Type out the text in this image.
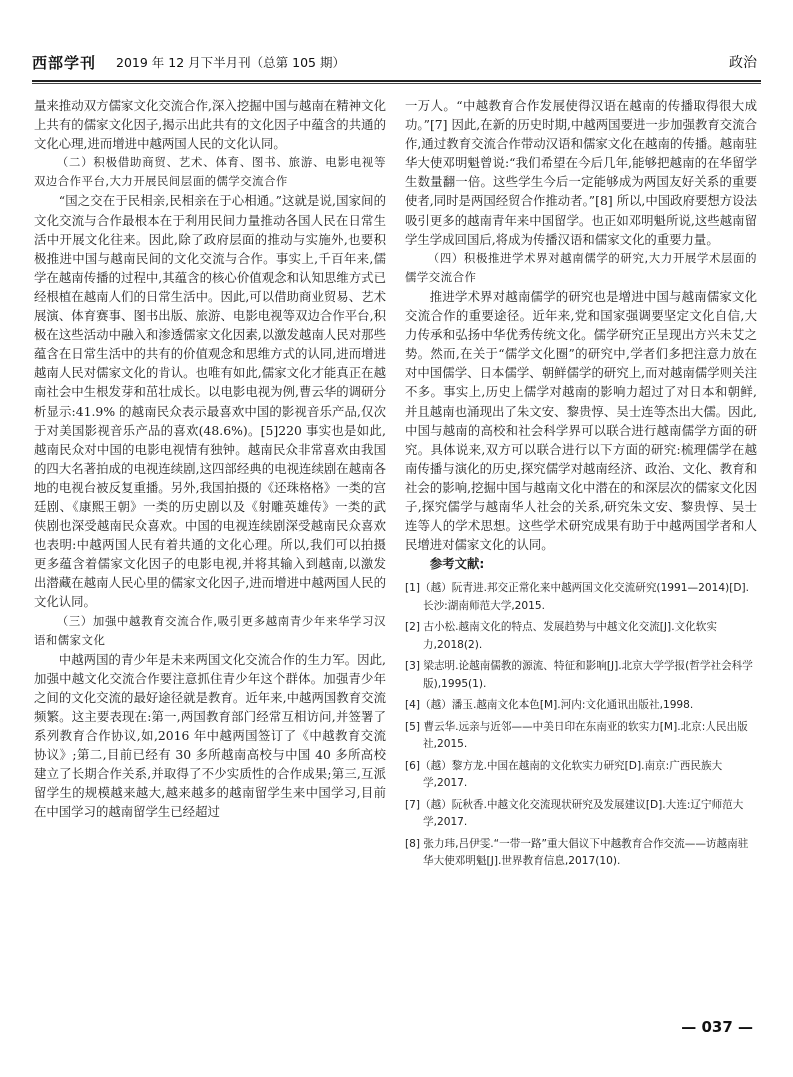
西部学刊 2019 年 12 月下半月刊（总第 105 期）	政治

量来推动双方儒家文化交流合作,深入挖掘中国与越南在精神文化上共有的儒家文化因子,揭示出此共有的文化因子中蕴含的共通的文化心理,进而增进中越两国人民的文化认同。

（二）积极借助商贸、艺术、体育、图书、旅游、电影电视等双边合作平台,大力开展民间层面的儒学交流合作

“国之交在于民相亲,民相亲在于心相通。”这就是说,国家间的文化交流与合作最根本在于利用民间力量推动各国人民在日常生活中开展文化往来。因此,除了政府层面的推动与实施外,也要积极推进中国与越南民间的文化交流与合作。事实上,千百年来,儒学在越南传播的过程中,其蕴含的核心价值观念和认知思维方式已经根植在越南人们的日常生活中。因此,可以借助商业贸易、艺术展演、体育赛事、图书出版、旅游、电影电视等双边合作平台,积极在这些活动中融入和渗透儒家文化因素,以激发越南人民对那些蕴含在日常生活中的共有的价值观念和思维方式的认同,进而增进越南人民对儒家文化的肯认。也唯有如此,儒家文化才能真正在越南社会中生根发芽和茁壮成长。以电影电视为例,曹云华的调研分析显示:41.9% 的越南民众表示最喜欢中国的影视音乐产品,仅次于对美国影视音乐产品的喜欢(48.6%)。[5]220 事实也是如此,越南民众对中国的电影电视情有独钟。越南民众非常喜欢由我国的四大名著拍成的电视连续剧,这四部经典的电视连续剧在越南各地的电视台被反复重播。另外,我国拍摄的《还珠格格》一类的宫廷剧、《康熙王朝》一类的历史剧以及《射雕英雄传》一类的武侠剧也深受越南民众喜欢。中国的电视连续剧深受越南民众喜欢也表明:中越两国人民有着共通的文化心理。所以,我们可以拍摄更多蕴含着儒家文化因子的电影电视,并将其输入到越南,以激发出潜藏在越南人民心里的儒家文化因子,进而增进中越两国人民的文化认同。

（三）加强中越教育交流合作,吸引更多越南青少年来华学习汉语和儒家文化

中越两国的青少年是未来两国文化交流合作的生力军。因此,加强中越文化交流合作要注意抓住青少年这个群体。加强青少年之间的文化交流的最好途径就是教育。近年来,中越两国教育交流频繁。这主要表现在:第一,两国教育部门经常互相访问,并签署了系列教育合作协议,如,2016 年中越两国签订了《中越教育交流协议》;第二,目前已经有 30 多所越南高校与中国 40 多所高校建立了长期合作关系,并取得了不少实质性的合作成果;第三,互派留学生的规模越来越大,越来越多的越南留学生来中国学习,目前在中国学习的越南留学生已经超过

一万人。“中越教育合作发展使得汉语在越南的传播取得很大成功。”[7] 因此,在新的历史时期,中越两国要进一步加强教育交流合作,通过教育交流合作带动汉语和儒家文化在越南的传播。越南驻华大使邓明魁曾说:“我们希望在今后几年,能够把越南的在华留学生数量翻一倍。这些学生今后一定能够成为两国友好关系的重要使者,同时是两国经贸合作推动者。”[8] 所以,中国政府要想方设法吸引更多的越南青年来中国留学。也正如邓明魁所说,这些越南留学生学成回国后,将成为传播汉语和儒家文化的重要力量。

（四）积极推进学术界对越南儒学的研究,大力开展学术层面的儒学交流合作

推进学术界对越南儒学的研究也是增进中国与越南儒家文化交流合作的重要途径。近年来,党和国家强调要坚定文化自信,大力传承和弘扬中华优秀传统文化。儒学研究正呈现出方兴未艾之势。然而,在关于“儒学文化圈”的研究中,学者们多把注意力放在对中国儒学、日本儒学、朝鲜儒学的研究上,而对越南儒学则关注不多。事实上,历史上儒学对越南的影响力超过了对日本和朝鲜,并且越南也涌现出了朱文安、黎贵惇、吴士连等杰出大儒。因此,中国与越南的高校和社会科学界可以联合进行越南儒学方面的研究。具体说来,双方可以联合进行以下方面的研究:梳理儒学在越南传播与演化的历史,探究儒学对越南经济、政治、文化、教育和社会的影响,挖掘中国与越南文化中潜在的和深层次的儒家文化因子,探究儒学与越南华人社会的关系,研究朱文安、黎贵惇、吴士连等人的学术思想。这些学术研究成果有助于中越两国学者和人民增进对儒家文化的认同。

参考文献:

[1]（越）阮青进.邦交正常化来中越两国文化交流研究(1991—2014)[D].长沙:湖南师范大学,2015.
[2] 古小松.越南文化的特点、发展趋势与中越文化交流[J].文化软实力,2018(2).
[3] 梁志明.论越南儒教的源流、特征和影响[J].北京大学学报(哲学社会科学版),1995(1).
[4]（越）潘玉.越南文化本色[M].河内:文化通讯出版社,1998.
[5] 曹云华.远亲与近邻——中美日印在东南亚的软实力[M].北京:人民出版社,2015.
[6]（越）黎方龙.中国在越南的文化软实力研究[D].南京:广西民族大学,2017.
[7]（越）阮秋香.中越文化交流现状研究及发展建议[D].大连:辽宁师范大学,2017.
[8] 张力玮,吕伊雯.“一带一路”重大倡议下中越教育合作交流——访越南驻华大使邓明魁[J].世界教育信息,2017(10).
— 037 —
